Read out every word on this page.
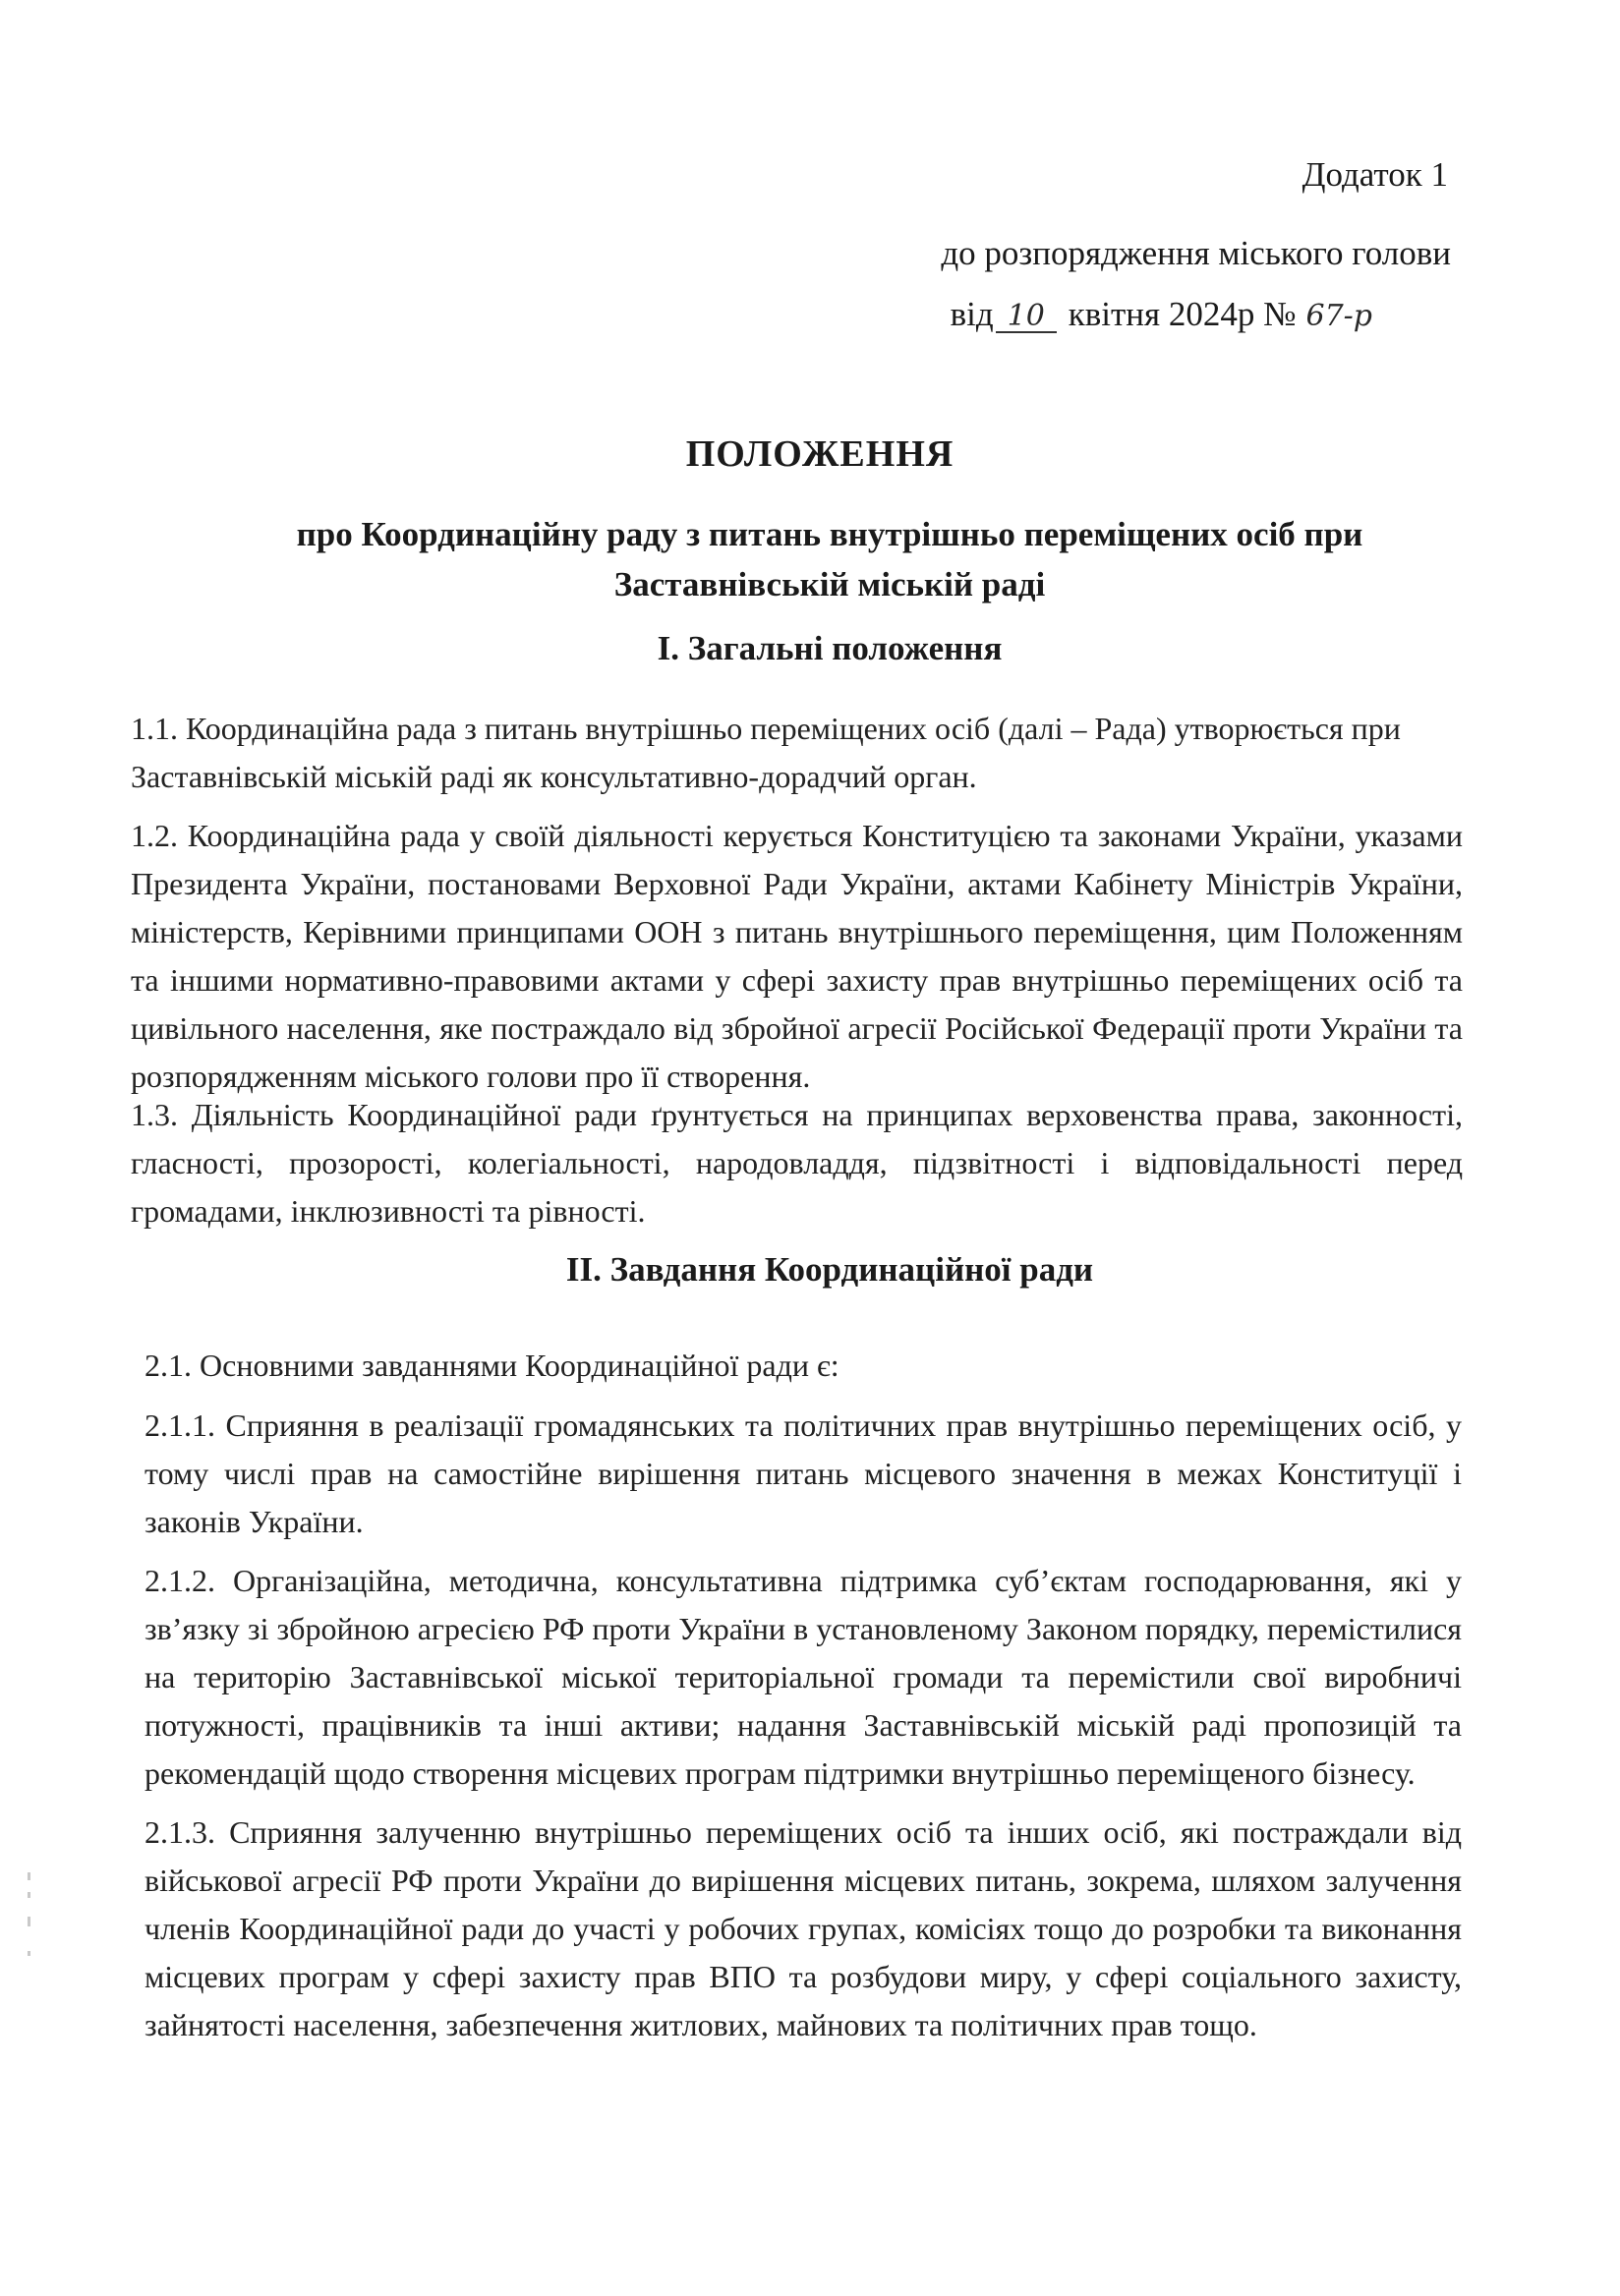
Додаток 1
до розпорядження міського голови
від 10 квітня 2024р № 67-р
ПОЛОЖЕННЯ
про Координаційну раду з питань внутрішньо переміщених осіб при Заставнівській міській раді
І. Загальні положення
1.1. Координаційна рада з питань внутрішньо переміщених осіб (далі – Рада) утворюється при Заставнівській міській раді як консультативно-дорадчий орган.
1.2. Координаційна рада у своїй діяльності керується Конституцією та законами України, указами Президента України, постановами Верховної Ради України, актами Кабінету Міністрів України, міністерств, Керівними принципами ООН з питань внутрішнього переміщення, цим Положенням та іншими нормативно-правовими актами у сфері захисту прав внутрішньо переміщених осіб та цивільного населення, яке постраждало від збройної агресії Російської Федерації проти України та розпорядженням міського голови про її створення.
1.3. Діяльність Координаційної ради ґрунтується на принципах верховенства права, законності, гласності, прозорості, колегіальності, народовладдя, підзвітності і відповідальності перед громадами, інклюзивності та рівності.
ІІ. Завдання Координаційної ради
2.1. Основними завданнями Координаційної ради є:
2.1.1. Сприяння в реалізації громадянських та політичних прав внутрішньо переміщених осіб, у тому числі прав на самостійне вирішення питань місцевого значення в межах Конституції і законів України.
2.1.2. Організаційна, методична, консультативна підтримка суб’єктам господарювання, які у зв’язку зі збройною агресією РФ проти України в установленому Законом порядку, перемістилися на територію Заставнівської міської територіальної громади та перемістили свої виробничі потужності, працівників та інші активи; надання Заставнівській міській раді пропозицій та рекомендацій щодо створення місцевих програм підтримки внутрішньо переміщеного бізнесу.
2.1.3. Сприяння залученню внутрішньо переміщених осіб та інших осіб, які постраждали від військової агресії РФ проти України до вирішення місцевих питань, зокрема, шляхом залучення членів Координаційної ради до участі у робочих групах, комісіях тощо до розробки та виконання місцевих програм у сфері захисту прав ВПО та розбудови миру, у сфері соціального захисту, зайнятості населення, забезпечення житлових, майнових та політичних прав тощо.
